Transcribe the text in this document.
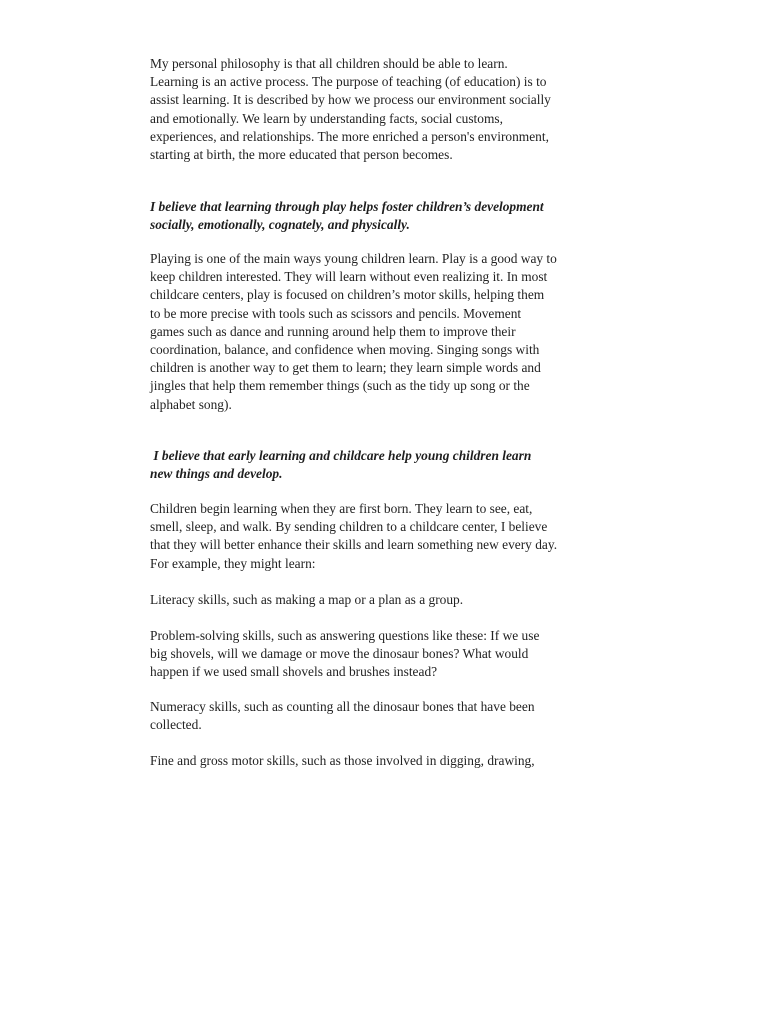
My personal philosophy is that all children should be able to learn.
Learning is an active process. The purpose of teaching (of education) is to
assist learning. It is described by how we process our environment socially
and emotionally. We learn by understanding facts, social customs,
experiences, and relationships. The more enriched a person's environment,
starting at birth, the more educated that person becomes.

I believe that learning through play helps foster children’s development
socially, emotionally, cognately, and physically.

Playing is one of the main ways young children learn. Play is a good way to
keep children interested. They will learn without even realizing it. In most
childcare centers, play is focused on children’s motor skills, helping them
to be more precise with tools such as scissors and pencils. Movement
games such as dance and running around help them to improve their
coordination, balance, and confidence when moving. Singing songs with
children is another way to get them to learn; they learn simple words and
jingles that help them remember things (such as the tidy up song or the
alphabet song).

I believe that early learning and childcare help young children learn
new things and develop.

Children begin learning when they are first born. They learn to see, eat,
smell, sleep, and walk. By sending children to a childcare center, I believe
that they will better enhance their skills and learn something new every day.
For example, they might learn:

Literacy skills, such as making a map or a plan as a group.

Problem-solving skills, such as answering questions like these: If we use
big shovels, will we damage or move the dinosaur bones? What would
happen if we used small shovels and brushes instead?

Numeracy skills, such as counting all the dinosaur bones that have been
collected.

Fine and gross motor skills, such as those involved in digging, drawing,
